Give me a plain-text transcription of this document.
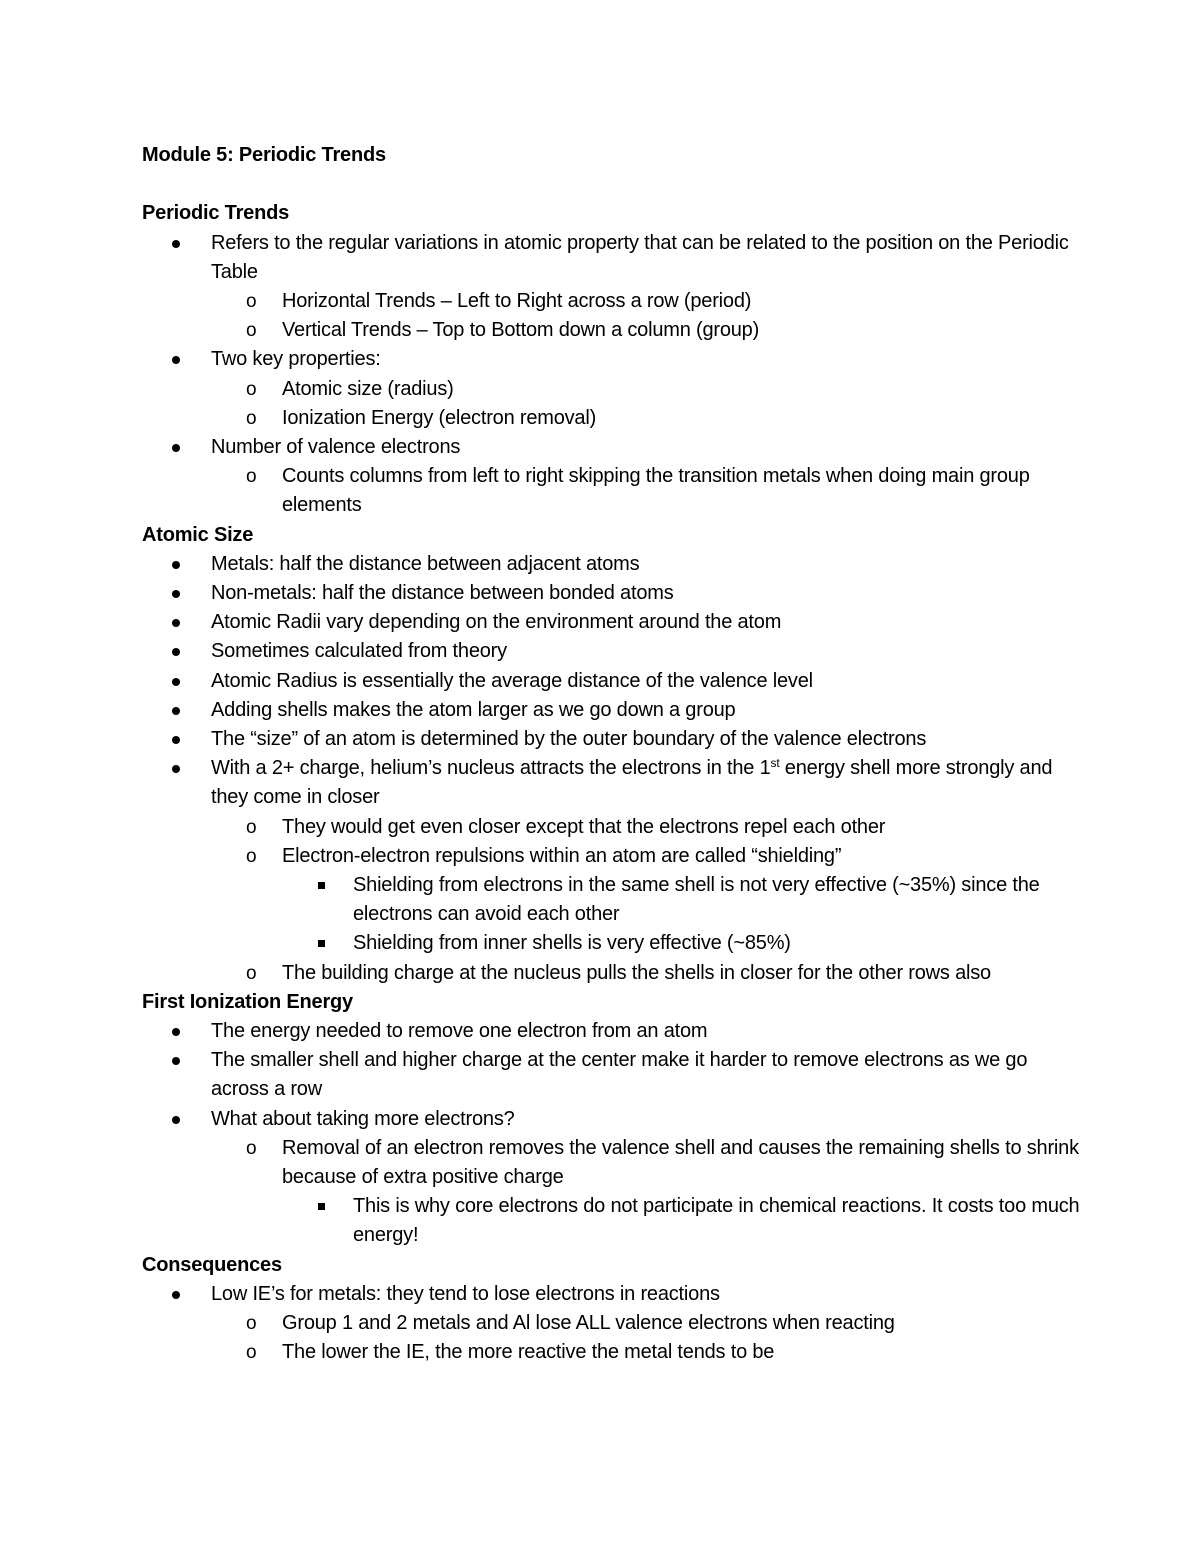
Module 5: Periodic Trends
Periodic Trends
Refers to the regular variations in atomic property that can be related to the position on the Periodic Table
o Horizontal Trends – Left to Right across a row (period)
o Vertical Trends – Top to Bottom down a column (group)
Two key properties:
o Atomic size (radius)
o Ionization Energy (electron removal)
Number of valence electrons
o Counts columns from left to right skipping the transition metals when doing main group elements
Atomic Size
Metals: half the distance between adjacent atoms
Non-metals: half the distance between bonded atoms
Atomic Radii vary depending on the environment around the atom
Sometimes calculated from theory
Atomic Radius is essentially the average distance of the valence level
Adding shells makes the atom larger as we go down a group
The “size” of an atom is determined by the outer boundary of the valence electrons
With a 2+ charge, helium’s nucleus attracts the electrons in the 1st energy shell more strongly and they come in closer
o They would get even closer except that the electrons repel each other
o Electron-electron repulsions within an atom are called “shielding”
Shielding from electrons in the same shell is not very effective (~35%) since the electrons can avoid each other
Shielding from inner shells is very effective (~85%)
o The building charge at the nucleus pulls the shells in closer for the other rows also
First Ionization Energy
The energy needed to remove one electron from an atom
The smaller shell and higher charge at the center make it harder to remove electrons as we go across a row
What about taking more electrons?
o Removal of an electron removes the valence shell and causes the remaining shells to shrink because of extra positive charge
This is why core electrons do not participate in chemical reactions. It costs too much energy!
Consequences
Low IE’s for metals: they tend to lose electrons in reactions
o Group 1 and 2 metals and Al lose ALL valence electrons when reacting
o The lower the IE, the more reactive the metal tends to be
